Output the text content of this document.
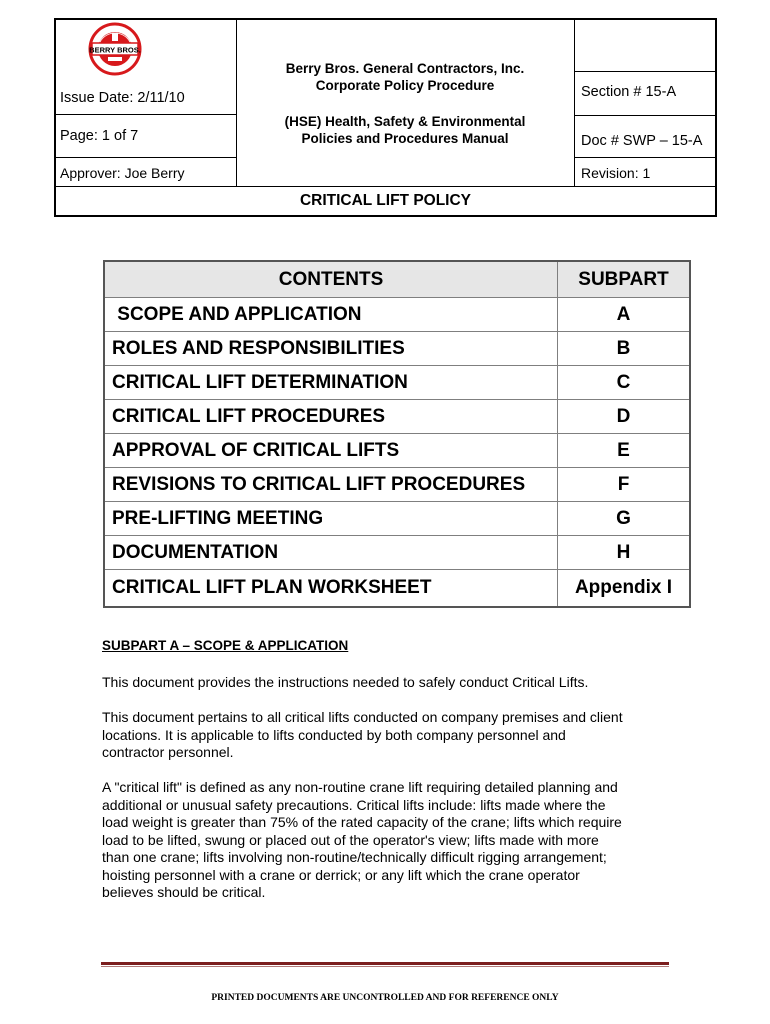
BERRY BROS.
Issue Date: 2/11/10
Page: 1 of 7
Approver: Joe Berry
Berry Bros. General Contractors, Inc.
Corporate Policy Procedure
(HSE) Health, Safety & Environmental
Policies and Procedures Manual
Section # 15-A
Doc # SWP – 15-A
Revision: 1
CRITICAL LIFT POLICY
CONTENTS	SUBPART
SCOPE AND APPLICATION	A
ROLES AND RESPONSIBILITIES	B
CRITICAL LIFT DETERMINATION	C
CRITICAL LIFT PROCEDURES	D
APPROVAL OF CRITICAL LIFTS	E
REVISIONS TO CRITICAL LIFT PROCEDURES	F
PRE-LIFTING MEETING	G
DOCUMENTATION	H
CRITICAL LIFT PLAN WORKSHEET	Appendix I
SUBPART A – SCOPE & APPLICATION
This document provides the instructions needed to safely conduct Critical Lifts.
This document pertains to all critical lifts conducted on company premises and client
locations. It is applicable to lifts conducted by both company personnel and
contractor personnel.
A "critical lift" is defined as any non-routine crane lift requiring detailed planning and
additional or unusual safety precautions. Critical lifts include: lifts made where the
load weight is greater than 75% of the rated capacity of the crane; lifts which require
load to be lifted, swung or placed out of the operator's view; lifts made with more
than one crane; lifts involving non-routine/technically difficult rigging arrangement;
hoisting personnel with a crane or derrick; or any lift which the crane operator
believes should be critical.
PRINTED DOCUMENTS ARE UNCONTROLLED AND FOR REFERENCE ONLY
